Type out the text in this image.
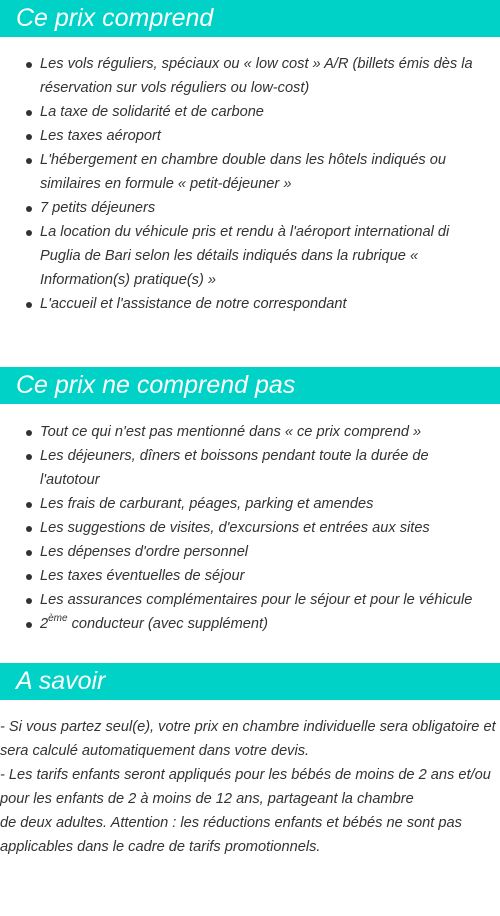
Ce prix comprend
Les vols réguliers, spéciaux ou « low cost » A/R (billets émis dès la réservation sur vols réguliers ou low-cost)
La taxe de solidarité et de carbone
Les taxes aéroport
L'hébergement en chambre double dans les hôtels indiqués ou similaires en formule « petit-déjeuner »
7 petits déjeuners
La location du véhicule pris et rendu à l'aéroport international di Puglia de Bari selon les détails indiqués dans la rubrique « Information(s) pratique(s) »
L'accueil et l'assistance de notre correspondant
Ce prix ne comprend pas
Tout ce qui n'est pas mentionné dans « ce prix comprend »
Les déjeuners, dîners et boissons pendant toute la durée de l'autotour
Les frais de carburant, péages, parking et amendes
Les suggestions de visites, d'excursions et entrées aux sites
Les dépenses d'ordre personnel
Les taxes éventuelles de séjour
Les assurances complémentaires pour le séjour et pour le véhicule
2ème conducteur (avec supplément)
A savoir

- Si vous partez seul(e), votre prix en chambre individuelle sera obligatoire et sera calculé automatiquement dans votre devis.

- Les tarifs enfants seront appliqués pour les bébés de moins de 2 ans et/ou pour les enfants de 2 à moins de 12 ans, partageant la chambre

de deux adultes. Attention : les réductions enfants et bébés ne sont pas applicables dans le cadre de tarifs promotionnels.
